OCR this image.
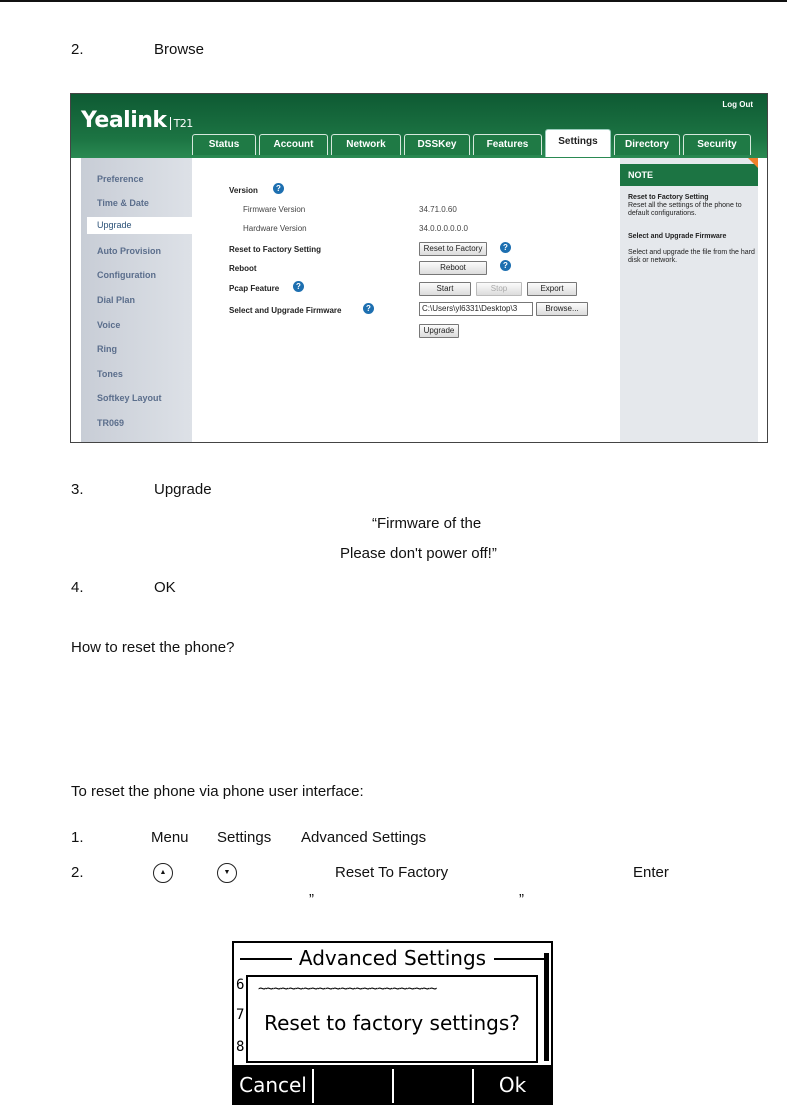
2.	Browse
Yealink T21
Log Out
Status	Account	Network	DSSKey	Features	Settings	Directory	Security
Preference
Time & Date
Upgrade
Auto Provision
Configuration
Dial Plan
Voice
Ring
Tones
Softkey Layout
TR069
Version	?
Firmware Version	34.71.0.60
Hardware Version	34.0.0.0.0.0.0
Reset to Factory Setting	Reset to Factory	?
Reboot	Reboot	?
Pcap Feature	?	Start	Stop	Export
Select and Upgrade Firmware	?	C:\Users\yl6331\Desktop\3	Browse...
Upgrade
NOTE
Reset to Factory Setting
Reset all the settings of the phone to default configurations.
Select and Upgrade Firmware
Select and upgrade the file from the hard disk or network.
3.	Upgrade
“Firmware of the
Please don't power off!”
4.	OK
How to reset the phone?
To reset the phone via phone user interface:
1.	Menu Settings Advanced Settings
2.	▲	▼	Reset To Factory	Enter
”	”
Advanced Settings
6
7
8
~~~~~~~~~~~~~~~~~~~~~~~~
Reset to factory settings?
Cancel	Ok
